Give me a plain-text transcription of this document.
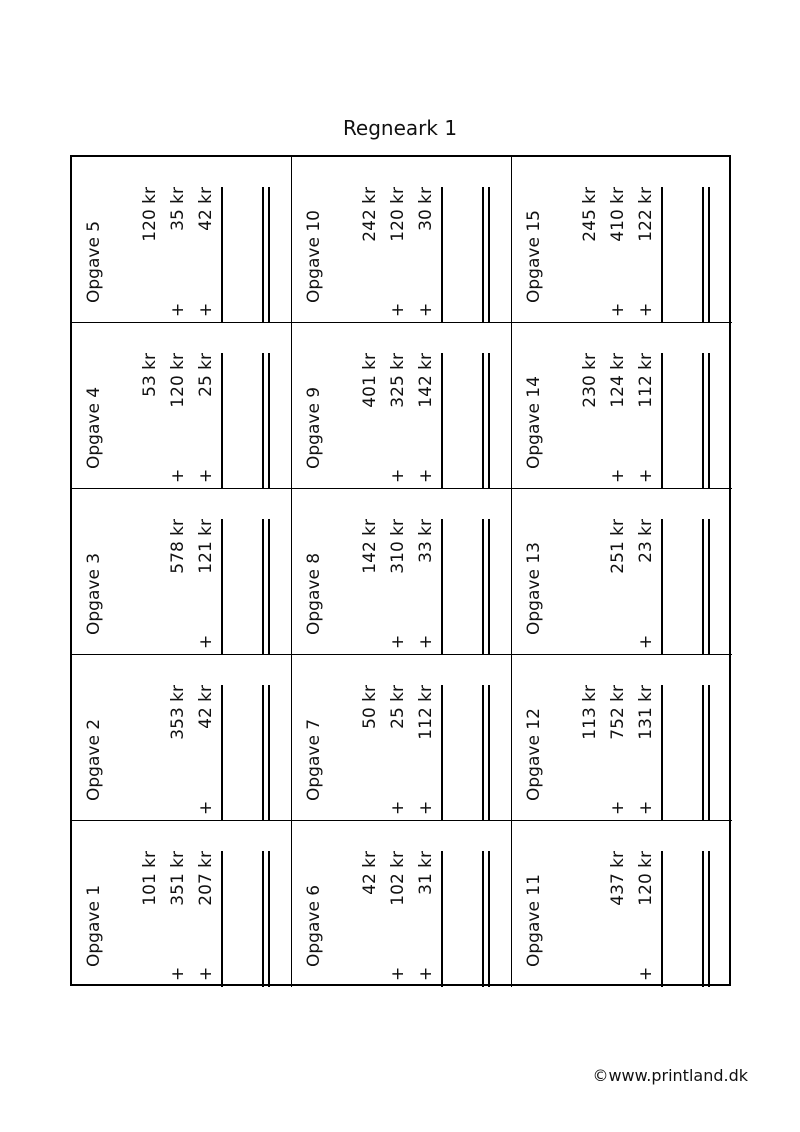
Regneark 1
Opgave 1
101 kr
+
351 kr
+
207 kr
Opgave 2
353 kr
+
42 kr
Opgave 3
578 kr
+
121 kr
Opgave 4
53 kr
+
120 kr
+
25 kr
Opgave 5
120 kr
+
35 kr
+
42 kr
Opgave 6
42 kr
+
102 kr
+
31 kr
Opgave 7
50 kr
+
25 kr
+
112 kr
Opgave 8
142 kr
+
310 kr
+
33 kr
Opgave 9
401 kr
+
325 kr
+
142 kr
Opgave 10 242 kr
+
120 kr
+
30 kr
Opgave 11	437 kr
+
120 kr
Opgave 12 113 kr
+
752 kr
+
131 kr
Opgave 13	251 kr
+
23 kr
Opgave 14 230 kr
+
124 kr
+
112 kr
Opgave 15 245 kr
+
410 kr
+
122 kr
©www.printland.dk
